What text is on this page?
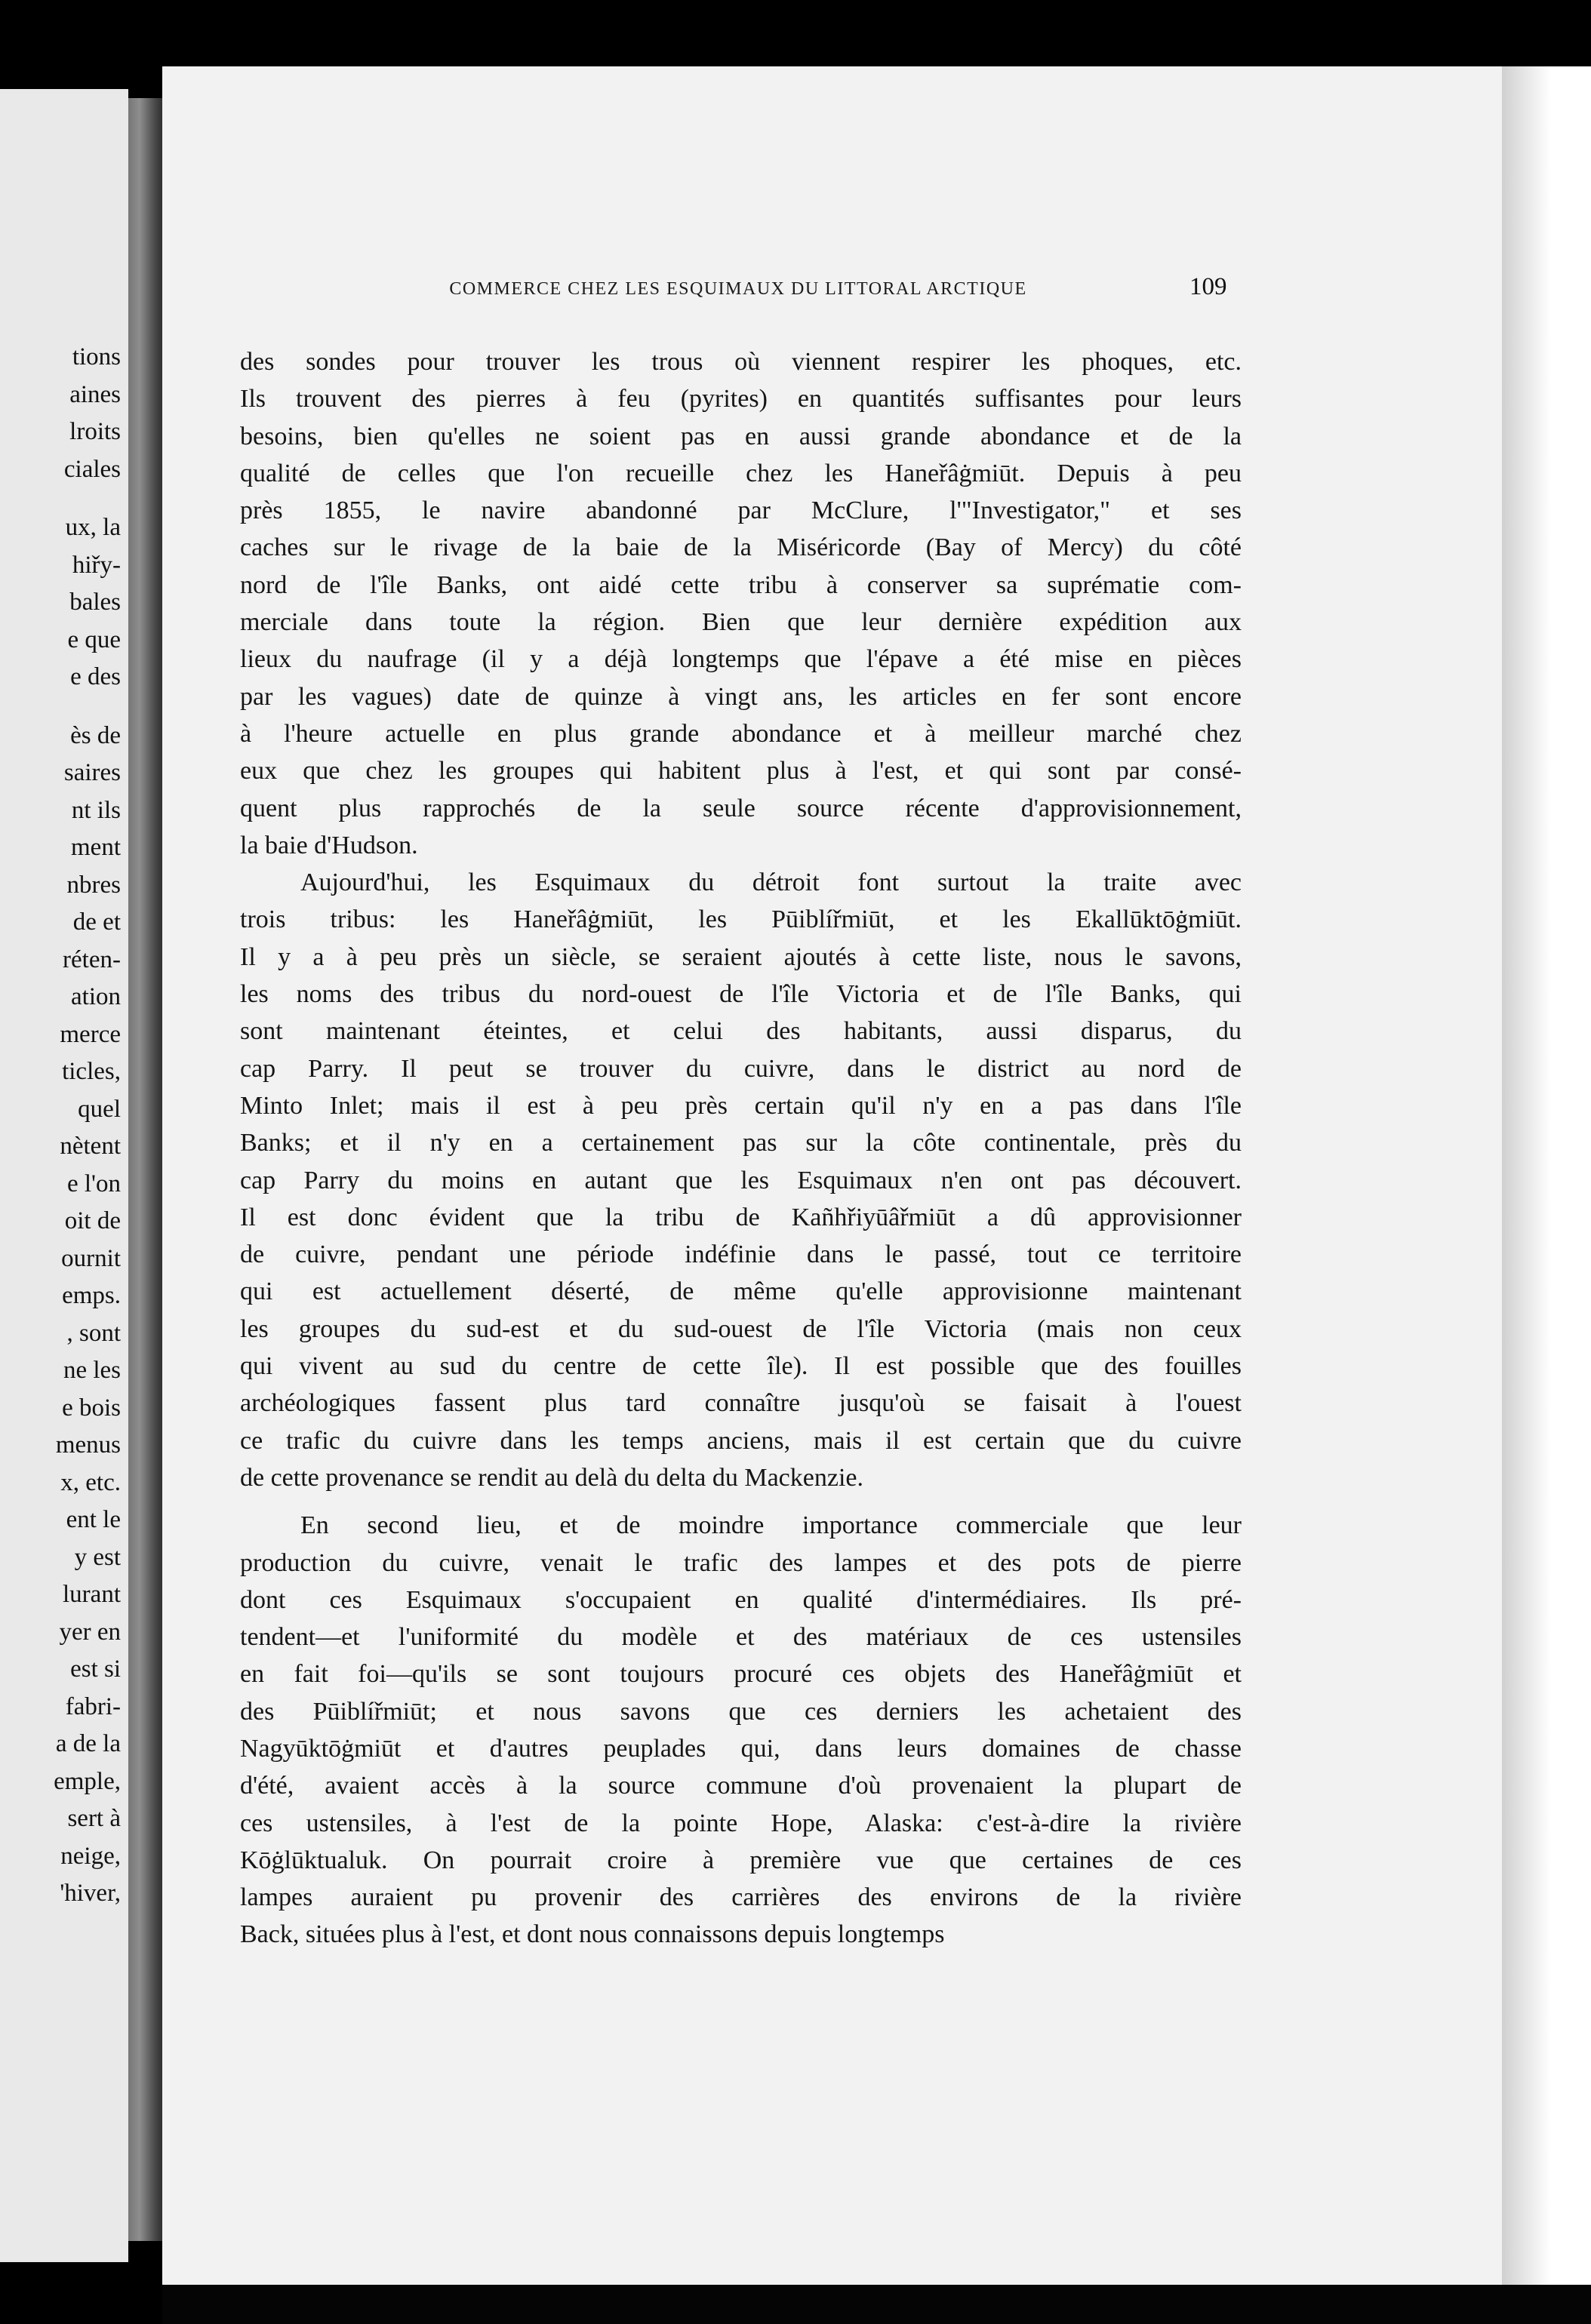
tions
aines
lroits
ciales
ux, la
hiřy-
bales
e que
e des
ès de
saires
nt ils
ment
nbres
de et
réten-
ation
merce
ticles,
quel
nètent
e l'on
oit de
ournit
emps.
, sont
ne les
e bois
menus
x, etc.
ent le
y est
lurant
yer en
est si
fabri-
a de la
emple,
sert à
neige,
'hiver,
COMMERCE CHEZ LES ESQUIMAUX DU LITTORAL ARCTIQUE	109
des sondes pour trouver les trous où viennent respirer les phoques, etc.
Ils trouvent des pierres à feu (pyrites) en quantités suffisantes pour leurs
besoins, bien qu'elles ne soient pas en aussi grande abondance et de la
qualité de celles que l'on recueille chez les Haneřâġmiūt. Depuis à peu
près 1855, le navire abandonné par McClure, l'"Investigator," et ses
caches sur le rivage de la baie de la Miséricorde (Bay of Mercy) du côté
nord de l'île Banks, ont aidé cette tribu à conserver sa suprématie com-
merciale dans toute la région. Bien que leur dernière expédition aux
lieux du naufrage (il y a déjà longtemps que l'épave a été mise en pièces
par les vagues) date de quinze à vingt ans, les articles en fer sont encore
à l'heure actuelle en plus grande abondance et à meilleur marché chez
eux que chez les groupes qui habitent plus à l'est, et qui sont par consé-
quent plus rapprochés de la seule source récente d'approvisionnement,
la baie d'Hudson.
Aujourd'hui, les Esquimaux du détroit font surtout la traite avec
trois tribus: les Haneřâġmiūt, les Pūiblířmiūt, et les Ekallūktōġmiūt.
Il y a à peu près un siècle, se seraient ajoutés à cette liste, nous le savons,
les noms des tribus du nord-ouest de l'île Victoria et de l'île Banks, qui
sont maintenant éteintes, et celui des habitants, aussi disparus, du
cap Parry. Il peut se trouver du cuivre, dans le district au nord de
Minto Inlet; mais il est à peu près certain qu'il n'y en a pas dans l'île
Banks; et il n'y en a certainement pas sur la côte continentale, près du
cap Parry du moins en autant que les Esquimaux n'en ont pas découvert.
Il est donc évident que la tribu de Kañhřiyūâřmiūt a dû approvisionner
de cuivre, pendant une période indéfinie dans le passé, tout ce territoire
qui est actuellement déserté, de même qu'elle approvisionne maintenant
les groupes du sud-est et du sud-ouest de l'île Victoria (mais non ceux
qui vivent au sud du centre de cette île). Il est possible que des fouilles
archéologiques fassent plus tard connaître jusqu'où se faisait à l'ouest
ce trafic du cuivre dans les temps anciens, mais il est certain que du cuivre
de cette provenance se rendit au delà du delta du Mackenzie.
En second lieu, et de moindre importance commerciale que leur
production du cuivre, venait le trafic des lampes et des pots de pierre
dont ces Esquimaux s'occupaient en qualité d'intermédiaires. Ils pré-
tendent—et l'uniformité du modèle et des matériaux de ces ustensiles
en fait foi—qu'ils se sont toujours procuré ces objets des Haneřâġmiūt et
des Pūiblířmiūt; et nous savons que ces derniers les achetaient des
Nagyūktōġmiūt et d'autres peuplades qui, dans leurs domaines de chasse
d'été, avaient accès à la source commune d'où provenaient la plupart de
ces ustensiles, à l'est de la pointe Hope, Alaska: c'est-à-dire la rivière
Kōġlūktualuk. On pourrait croire à première vue que certaines de ces
lampes auraient pu provenir des carrières des environs de la rivière
Back, situées plus à l'est, et dont nous connaissons depuis longtemps
